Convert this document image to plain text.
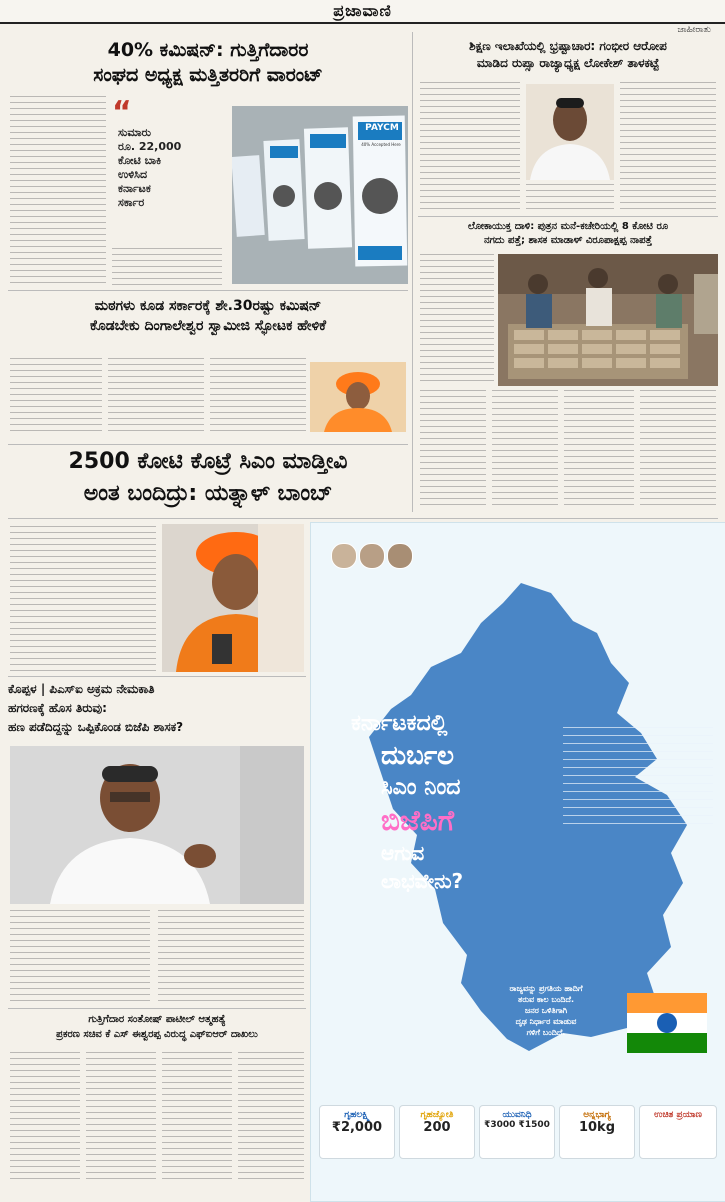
ಪ್ರಜಾವಾಣಿ
ಜಾಹೀರಾತು
40% ಕಮಿಷನ್: ಗುತ್ತಿಗೆದಾರರ
ಸಂಘದ ಅಧ್ಯಕ್ಷ ಮತ್ತಿತರರಿಗೆ ವಾರಂಟ್
“
ಸುಮಾರು
ರೂ. 22,000
ಕೋಟಿ ಬಾಕಿ
ಉಳಿಸಿದ
ಕರ್ನಾಟಕ
ಸರ್ಕಾರ
PAYCM
40% Accepted Here
ಶಿಕ್ಷಣ ಇಲಾಖೆಯಲ್ಲಿ ಭ್ರಷ್ಟಾಚಾರ: ಗಂಭೀರ ಆರೋಪ
ಮಾಡಿದ ರುಪ್ಸಾ ರಾಜ್ಯಾಧ್ಯಕ್ಷ ಲೋಕೇಶ್ ತಾಳಕಟ್ಟೆ
ಲೋಕಾಯುಕ್ತ ದಾಳಿ: ಪುತ್ರನ ಮನೆ-ಕಚೇರಿಯಲ್ಲಿ 8 ಕೋಟಿ ರೂ
ನಗದು ಪತ್ತೆ; ಶಾಸಕ ಮಾಡಾಳ್ ವಿರೂಪಾಕ್ಷಪ್ಪ ನಾಪತ್ತೆ
ಮಠಗಳು ಕೂಡ ಸರ್ಕಾರಕ್ಕೆ ಶೇ.30ರಷ್ಟು ಕಮಿಷನ್
ಕೊಡಬೇಕು ದಿಂಗಾಲೇಶ್ವರ ಸ್ವಾಮೀಜಿ ಸ್ಫೋಟಕ ಹೇಳಿಕೆ
2500 ಕೋಟಿ ಕೊಟ್ರೆ ಸಿಎಂ ಮಾಡ್ತೀವಿ
ಅಂತ ಬಂದಿದ್ರು: ಯತ್ನಾಳ್ ಬಾಂಬ್
ಕೊಪ್ಪಳ | ಪಿಎಸ್ಐ ಅಕ್ರಮ ನೇಮಕಾತಿ
ಹಗರಣಕ್ಕೆ ಹೊಸ ತಿರುವು:
ಹಣ ಪಡೆದಿದ್ದನ್ನು ಒಪ್ಪಿಕೊಂಡ ಬಿಜೆಪಿ ಶಾಸಕ?
ಗುತ್ತಿಗೆದಾರ ಸಂತೋಷ್ ಪಾಟೀಲ್ ಆತ್ಮಹತ್ಯೆ
ಪ್ರಕರಣ ಸಚಿವ ಕೆ ಎಸ್ ಈಶ್ವರಪ್ಪ ವಿರುದ್ಧ ಎಫ್‌ಐಆರ್ ದಾಖಲು
ಕರ್ನಾಟಕದಲ್ಲಿ
ದುರ್ಬಲ
ಸಿಎಂ ನಿಂದ
ಬಿಜೆಪಿಗೆ
ಆಗುವ
ಲಾಭವೇನು?
ರಾಜ್ಯವನ್ನು ಪ್ರಗತಿಯ ಹಾದಿಗೆ
ತರುವ ಕಾಲ ಬಂದಿದೆ.
ಜನರ ಒಳಿತಿಗಾಗಿ
ದೃಢ ನಿರ್ಧಾರ ಮಾಡುವ
ಗಳಿಗೆ ಬಂದಿದೆ.
ಗೃಹಲಕ್ಷ್ಮಿ
₹2,000
ಗೃಹಜ್ಯೋತಿ
200
ಯುವನಿಧಿ
₹3000 ₹1500
ಅನ್ನಭಾಗ್ಯ
10kg
ಉಚಿತ ಪ್ರಯಾಣ
